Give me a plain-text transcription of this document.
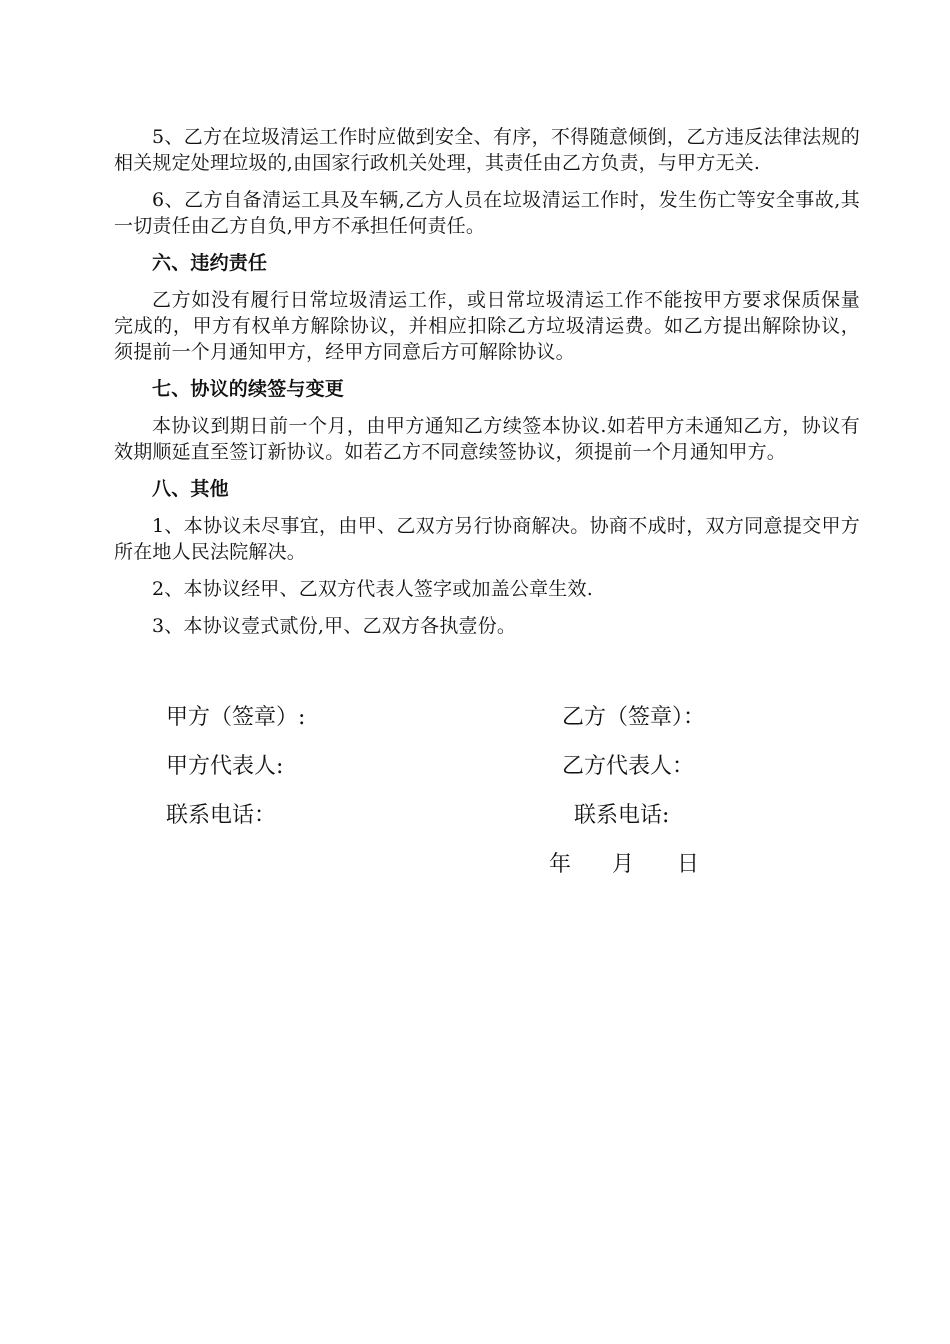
5、乙方在垃圾清运工作时应做到安全、有序，不得随意倾倒，乙方违反法律法规的相关规定处理垃圾的,由国家行政机关处理，其责任由乙方负责，与甲方无关.

6、乙方自备清运工具及车辆,乙方人员在垃圾清运工作时，发生伤亡等安全事故,其一切责任由乙方自负,甲方不承担任何责任。

六、违约责任

乙方如没有履行日常垃圾清运工作，或日常垃圾清运工作不能按甲方要求保质保量完成的，甲方有权单方解除协议，并相应扣除乙方垃圾清运费。如乙方提出解除协议，须提前一个月通知甲方，经甲方同意后方可解除协议。

七、协议的续签与变更

本协议到期日前一个月，由甲方通知乙方续签本协议.如若甲方未通知乙方，协议有效期顺延直至签订新协议。如若乙方不同意续签协议，须提前一个月通知甲方。

八、其他

1、本协议未尽事宜，由甲、乙双方另行协商解决。协商不成时，双方同意提交甲方所在地人民法院解决。

2、本协议经甲、乙双方代表人签字或加盖公章生效.

3、本协议壹式贰份,甲、乙双方各执壹份。

甲方（签章）:	乙方（签章）：
甲方代表人:	乙方代表人：
联系电话：	联系电话:
年 月 日
